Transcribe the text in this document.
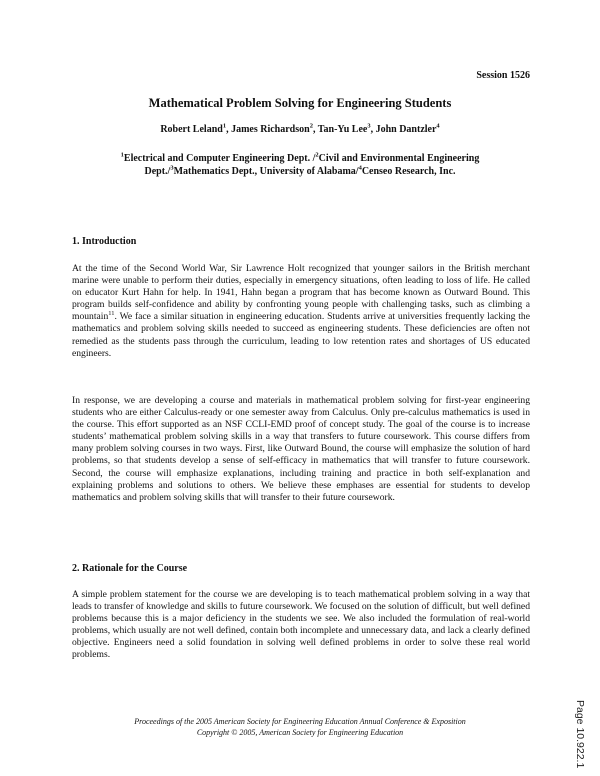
Session 1526
Mathematical Problem Solving for Engineering Students
Robert Leland$^1$, James Richardson$^2$, Tan-Yu Lee$^3$, John Dantzler$^4$
$^1$Electrical and Computer Engineering Dept. /$^2$Civil and Environmental Engineering Dept./$^3$Mathematics Dept., University of Alabama/$^4$Censeo Research, Inc.
1. Introduction
At the time of the Second World War, Sir Lawrence Holt recognized that younger sailors in the British merchant marine were unable to perform their duties, especially in emergency situations, often leading to loss of life. He called on educator Kurt Hahn for help. In 1941, Hahn began a program that has become known as Outward Bound. This program builds self-confidence and ability by confronting young people with challenging tasks, such as climbing a mountain$^{11}$. We face a similar situation in engineering education. Students arrive at universities frequently lacking the mathematics and problem solving skills needed to succeed as engineering students. These deficiencies are often not remedied as the students pass through the curriculum, leading to low retention rates and shortages of US educated engineers.
In response, we are developing a course and materials in mathematical problem solving for first-year engineering students who are either Calculus-ready or one semester away from Calculus. Only pre-calculus mathematics is used in the course. This effort supported as an NSF CCLI-EMD proof of concept study. The goal of the course is to increase students’ mathematical problem solving skills in a way that transfers to future coursework. This course differs from many problem solving courses in two ways. First, like Outward Bound, the course will emphasize the solution of hard problems, so that students develop a sense of self-efficacy in mathematics that will transfer to future coursework. Second, the course will emphasize explanations, including training and practice in both self-explanation and explaining problems and solutions to others. We believe these emphases are essential for students to develop mathematics and problem solving skills that will transfer to their future coursework.
2. Rationale for the Course
A simple problem statement for the course we are developing is to teach mathematical problem solving in a way that leads to transfer of knowledge and skills to future coursework. We focused on the solution of difficult, but well defined problems because this is a major deficiency in the students we see. We also included the formulation of real-world problems, which usually are not well defined, contain both incomplete and unnecessary data, and lack a clearly defined objective. Engineers need a solid foundation in solving well defined problems in order to solve these real world problems.
Proceedings of the 2005 American Society for Engineering Education Annual Conference & Exposition
Copyright © 2005, American Society for Engineering Education	Page 10.922.1
